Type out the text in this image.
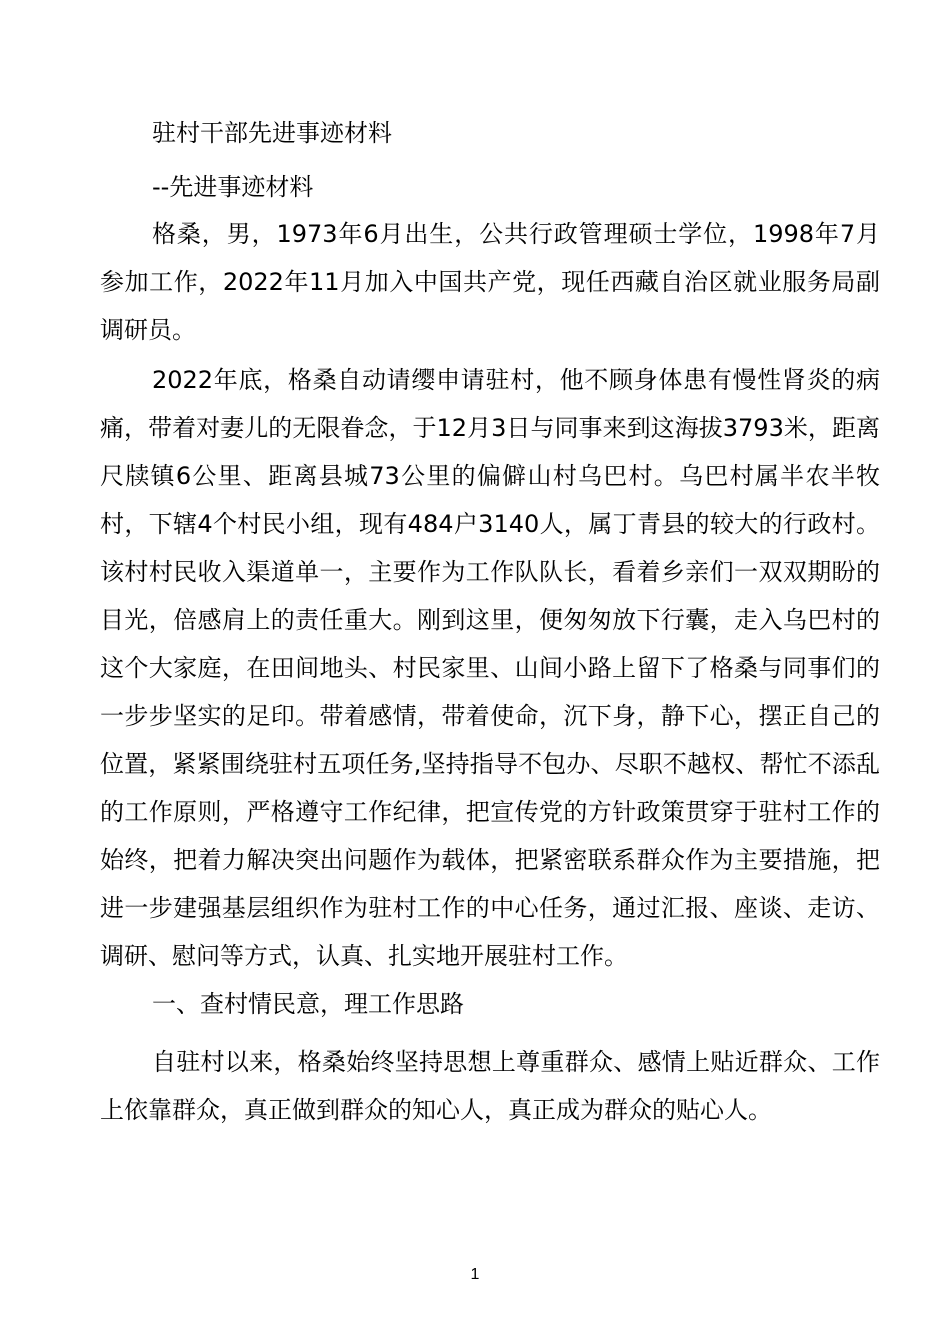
驻村干部先进事迹材料
--先进事迹材料

格桑，男，1973年6月出生，公共行政管理硕士学位，1998年7月参加工作，2022年11月加入中国共产党，现任西藏自治区就业服务局副调研员。

2022年底，格桑自动请缨申请驻村，他不顾身体患有慢性肾炎的病痛，带着对妻儿的无限眷念，于12月3日与同事来到这海拔3793米，距离尺牍镇6公里、距离县城73公里的偏僻山村乌巴村。乌巴村属半农半牧村，下辖4个村民小组，现有484户3140人，属丁青县的较大的行政村。该村村民收入渠道单一，主要作为工作队队长，看着乡亲们一双双期盼的目光，倍感肩上的责任重大。刚到这里，便匆匆放下行囊，走入乌巴村的这个大家庭，在田间地头、村民家里、山间小路上留下了格桑与同事们的一步步坚实的足印。带着感情，带着使命，沉下身，静下心，摆正自己的位置，紧紧围绕驻村五项任务,坚持指导不包办、尽职不越权、帮忙不添乱的工作原则，严格遵守工作纪律，把宣传党的方针政策贯穿于驻村工作的始终，把着力解决突出问题作为载体，把紧密联系群众作为主要措施，把进一步建强基层组织作为驻村工作的中心任务，通过汇报、座谈、走访、调研、慰问等方式，认真、扎实地开展驻村工作。

一、查村情民意，理工作思路

自驻村以来，格桑始终坚持思想上尊重群众、感情上贴近群众、工作上依靠群众，真正做到群众的知心人，真正成为群众的贴心人。

1
